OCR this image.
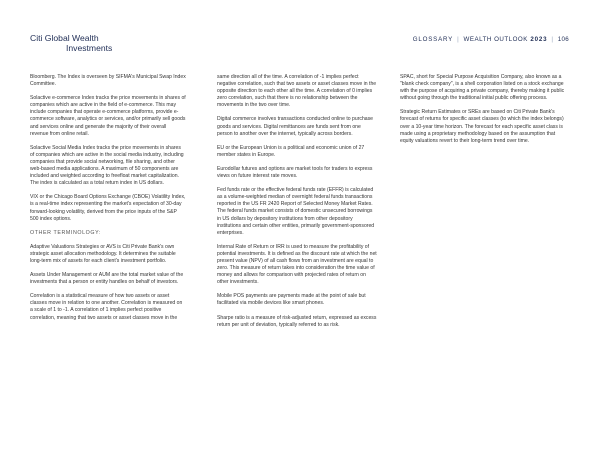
Citi Global Wealth
Investments
GLOSSARY | WEALTH OUTLOOK 2023 | 106

Bloomberg. The Index is overseen by SIFMA's Municipal Swap Index Committee.

Solactive e-commerce Index tracks the price movements in shares of companies which are active in the field of e-commerce. This may include companies that operate e-commerce platforms, provide e-commerce software, analytics or services, and/or primarily sell goods and services online and generate the majority of their overall revenue from online retail.

Solactive Social Media Index tracks the price movements in shares of companies which are active in the social media industry, including companies that provide social networking, file sharing, and other web-based media applications. A maximum of 50 components are included and weighted according to freefloat market capitalization. The index is calculated as a total return index in US dollars.

VIX or the Chicago Board Options Exchange (CBOE) Volatility Index, is a real-time index representing the market's expectation of 30-day forward-looking volatility, derived from the price inputs of the S&P 500 index options.

OTHER TERMINOLOGY:

Adaptive Valuations Strategies or AVS is Citi Private Bank's own strategic asset allocation methodology. It determines the suitable long-term mix of assets for each client's investment portfolio.

Assets Under Management or AUM are the total market value of the investments that a person or entity handles on behalf of investors.

Correlation is a statistical measure of how two assets or asset classes move in relation to one another. Correlation is measured on a scale of 1 to -1. A correlation of 1 implies perfect positive correlation, meaning that two assets or asset classes move in the

same direction all of the time. A correlation of -1 implies perfect negative correlation, such that two assets or asset classes move in the opposite direction to each other all the time. A correlation of 0 implies zero correlation, such that there is no relationship between the movements in the two over time.

Digital commerce involves transactions conducted online to purchase goods and services. Digital remittances are funds sent from one person to another over the internet, typically across borders.

EU or the European Union is a political and economic union of 27 member states in Europe.

Eurodollar futures and options are market tools for traders to express views on future interest rate moves.

Fed funds rate or the effective federal funds rate (EFFR) is calculated as a volume-weighted median of overnight federal funds transactions reported in the US FR 2420 Report of Selected Money Market Rates. The federal funds market consists of domestic unsecured borrowings in US dollars by depository institutions from other depository institutions and certain other entities, primarily government-sponsored enterprises.

Internal Rate of Return or IRR is used to measure the profitability of potential investments. It is defined as the discount rate at which the net present value (NPV) of all cash flows from an investment are equal to zero. This measure of return takes into consideration the time value of money and allows for comparison with projected rates of return on other investments.

Mobile POS payments are payments made at the point of sale but facilitated via mobile devices like smart phones.

Sharpe ratio is a measure of risk-adjusted return, expressed as excess return per unit of deviation, typically referred to as risk.

SPAC, short for Special Purpose Acquisition Company, also known as a "blank check company", is a shell corporation listed on a stock exchange with the purpose of acquiring a private company, thereby making it public without going through the traditional initial public offering process.

Strategic Return Estimates or SREs are based on Citi Private Bank's forecast of returns for specific asset classes (to which the index belongs) over a 10-year time horizon. The forecast for each specific asset class is made using a proprietary methodology based on the assumption that equity valuations revert to their long-term trend over time.
